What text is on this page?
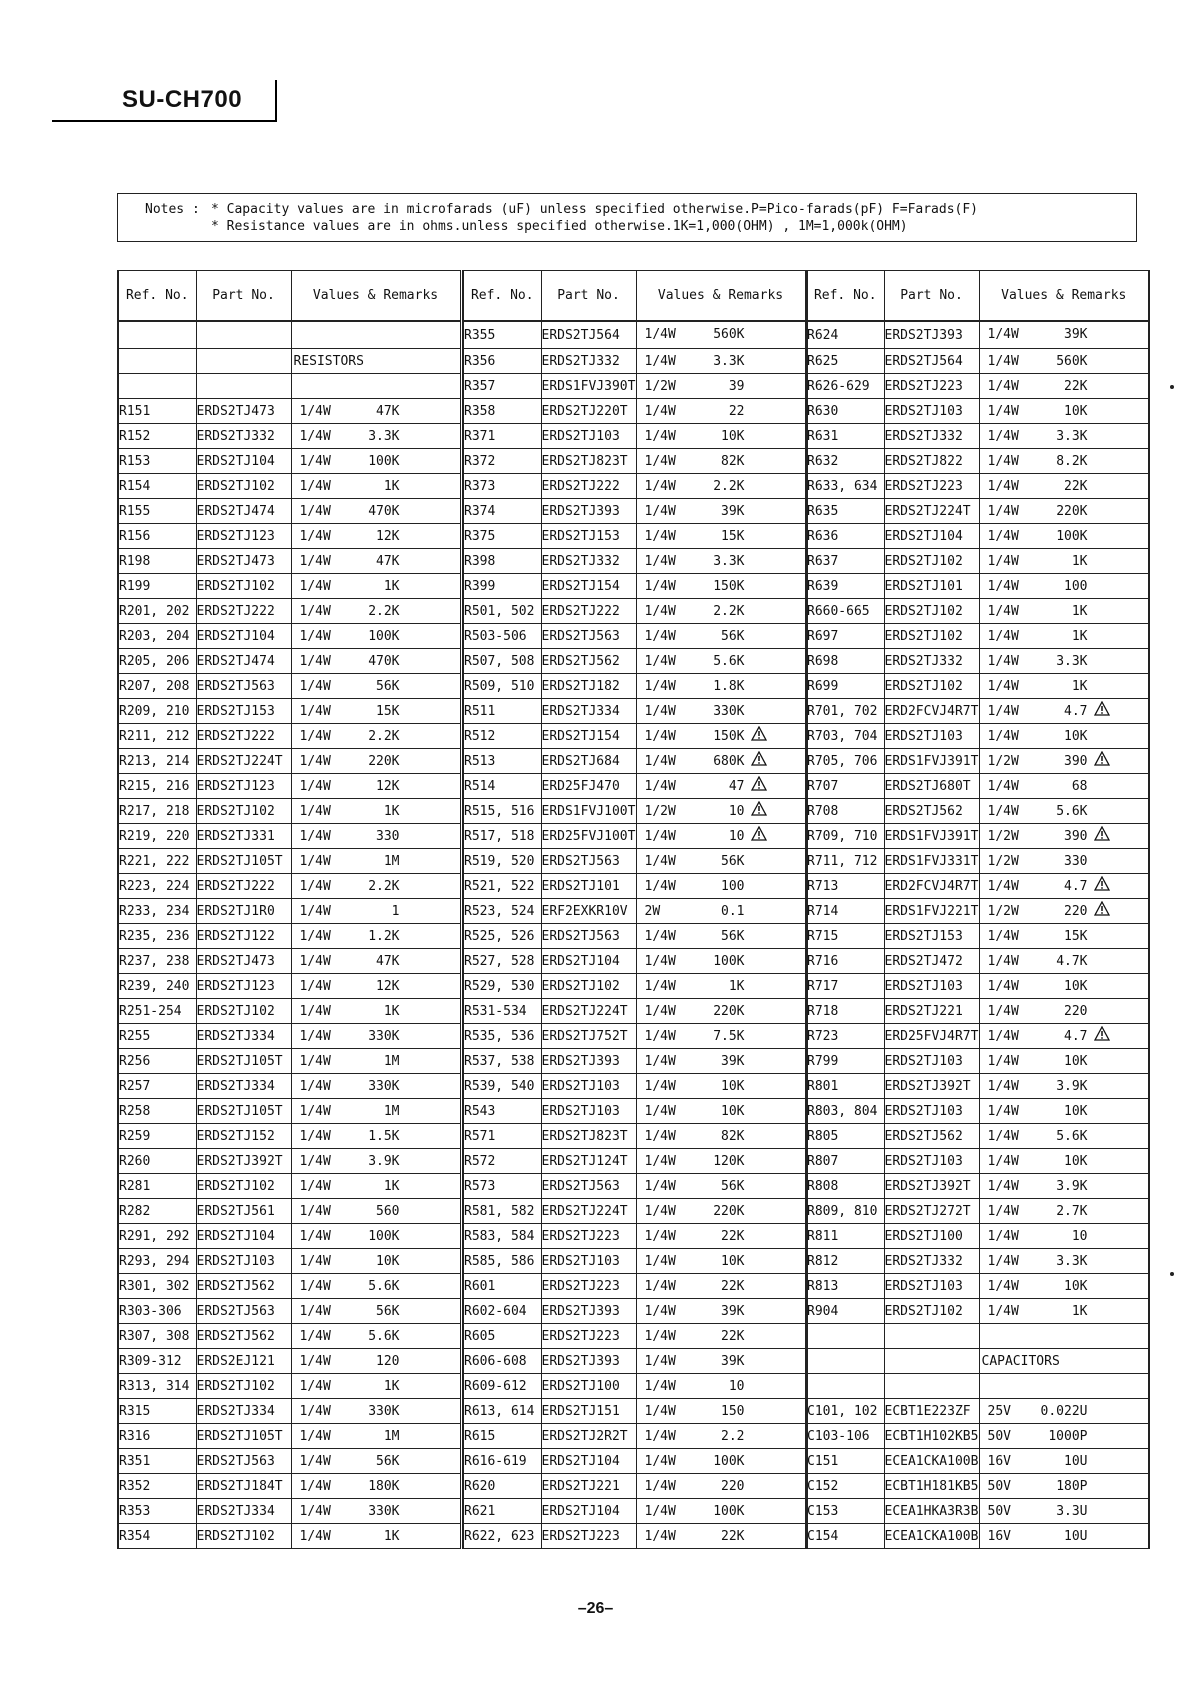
SU-CH700
Notes : * Capacity values are in microfarads (uF) unless specified otherwise.P=Pico-farads(pF) F=Farads(F)
* Resistance values are in ohms.unless specified otherwise.1K=1,000(OHM) , 1M=1,000k(OHM)
Ref. No.	Part No.	Values & Remarks

		RESISTORS

R151	ERDS2TJ473	1/4W 47K

R152	ERDS2TJ332	1/4W 3.3K

R153	ERDS2TJ104	1/4W 100K

R154	ERDS2TJ102	1/4W 1K

R155	ERDS2TJ474	1/4W 470K

R156	ERDS2TJ123	1/4W 12K

R198	ERDS2TJ473	1/4W 47K

R199	ERDS2TJ102	1/4W 1K

R201, 202	ERDS2TJ222	1/4W 2.2K

R203, 204	ERDS2TJ104	1/4W 100K

R205, 206	ERDS2TJ474	1/4W 470K

R207, 208	ERDS2TJ563	1/4W 56K

R209, 210	ERDS2TJ153	1/4W 15K

R211, 212	ERDS2TJ222	1/4W 2.2K

R213, 214	ERDS2TJ224T	1/4W 220K

R215, 216	ERDS2TJ123	1/4W 12K

R217, 218	ERDS2TJ102	1/4W 1K

R219, 220	ERDS2TJ331	1/4W 330

R221, 222	ERDS2TJ105T	1/4W 1M

R223, 224	ERDS2TJ222	1/4W 2.2K

R233, 234	ERDS2TJ1R0	1/4W 1

R235, 236	ERDS2TJ122	1/4W 1.2K

R237, 238	ERDS2TJ473	1/4W 47K

R239, 240	ERDS2TJ123	1/4W 12K

R251-254	ERDS2TJ102	1/4W 1K

R255	ERDS2TJ334	1/4W 330K

R256	ERDS2TJ105T	1/4W 1M

R257	ERDS2TJ334	1/4W 330K

R258	ERDS2TJ105T	1/4W 1M

R259	ERDS2TJ152	1/4W 1.5K

R260	ERDS2TJ392T	1/4W 3.9K

R281	ERDS2TJ102	1/4W 1K

R282	ERDS2TJ561	1/4W 560

R291, 292	ERDS2TJ104	1/4W 100K

R293, 294	ERDS2TJ103	1/4W 10K

R301, 302	ERDS2TJ562	1/4W 5.6K

R303-306	ERDS2TJ563	1/4W 56K

R307, 308	ERDS2TJ562	1/4W 5.6K

R309-312	ERDS2EJ121	1/4W 120

R313, 314	ERDS2TJ102	1/4W 1K

R315	ERDS2TJ334	1/4W 330K

R316	ERDS2TJ105T	1/4W 1M

R351	ERDS2TJ563	1/4W 56K

R352	ERDS2TJ184T	1/4W 180K

R353	ERDS2TJ334	1/4W 330K

R354	ERDS2TJ102	1/4W 1K
Ref. No.	Part No.	Values & Remarks
R355	ERDS2TJ564	1/4W 560K

R356	ERDS2TJ332	1/4W 3.3K

R357	ERDS1FVJ390T	1/2W 39

R358	ERDS2TJ220T	1/4W 22

R371	ERDS2TJ103	1/4W 10K

R372	ERDS2TJ823T	1/4W 82K

R373	ERDS2TJ222	1/4W 2.2K

R374	ERDS2TJ393	1/4W 39K

R375	ERDS2TJ153	1/4W 15K

R398	ERDS2TJ332	1/4W 3.3K

R399	ERDS2TJ154	1/4W 150K

R501, 502	ERDS2TJ222	1/4W 2.2K

R503-506	ERDS2TJ563	1/4W 56K

R507, 508	ERDS2TJ562	1/4W 5.6K

R509, 510	ERDS2TJ182	1/4W 1.8K

R511	ERDS2TJ334	1/4W 330K

R512	ERDS2TJ154	1/4W 150K

R513	ERDS2TJ684	1/4W 680K

R514	ERD25FJ470	1/4W 47

R515, 516	ERDS1FVJ100T	1/2W 10

R517, 518	ERD25FVJ100T	1/4W 10

R519, 520	ERDS2TJ563	1/4W 56K

R521, 522	ERDS2TJ101	1/4W 100

R523, 524	ERF2EXKR10V	2W 0.1

R525, 526	ERDS2TJ563	1/4W 56K

R527, 528	ERDS2TJ104	1/4W 100K

R529, 530	ERDS2TJ102	1/4W 1K

R531-534	ERDS2TJ224T	1/4W 220K

R535, 536	ERDS2TJ752T	1/4W 7.5K

R537, 538	ERDS2TJ393	1/4W 39K

R539, 540	ERDS2TJ103	1/4W 10K

R543	ERDS2TJ103	1/4W 10K

R571	ERDS2TJ823T	1/4W 82K

R572	ERDS2TJ124T	1/4W 120K

R573	ERDS2TJ563	1/4W 56K

R581, 582	ERDS2TJ224T	1/4W 220K

R583, 584	ERDS2TJ223	1/4W 22K

R585, 586	ERDS2TJ103	1/4W 10K

R601	ERDS2TJ223	1/4W 22K

R602-604	ERDS2TJ393	1/4W 39K

R605	ERDS2TJ223	1/4W 22K

R606-608	ERDS2TJ393	1/4W 39K

R609-612	ERDS2TJ100	1/4W 10

R613, 614	ERDS2TJ151	1/4W 150

R615	ERDS2TJ2R2T	1/4W 2.2

R616-619	ERDS2TJ104	1/4W 100K

R620	ERDS2TJ221	1/4W 220

R621	ERDS2TJ104	1/4W 100K

R622, 623	ERDS2TJ223	1/4W 22K
Ref. No.	Part No.	Values & Remarks
R624	ERDS2TJ393	1/4W 39K

R625	ERDS2TJ564	1/4W 560K

R626-629	ERDS2TJ223	1/4W 22K

R630	ERDS2TJ103	1/4W 10K

R631	ERDS2TJ332	1/4W 3.3K

R632	ERDS2TJ822	1/4W 8.2K

R633, 634	ERDS2TJ223	1/4W 22K

R635	ERDS2TJ224T	1/4W 220K

R636	ERDS2TJ104	1/4W 100K

R637	ERDS2TJ102	1/4W 1K

R639	ERDS2TJ101	1/4W 100

R660-665	ERDS2TJ102	1/4W 1K

R697	ERDS2TJ102	1/4W 1K

R698	ERDS2TJ332	1/4W 3.3K

R699	ERDS2TJ102	1/4W 1K

R701, 702	ERD2FCVJ4R7T	1/4W 4.7

R703, 704	ERDS2TJ103	1/4W 10K

R705, 706	ERDS1FVJ391T	1/2W 390

R707	ERDS2TJ680T	1/4W 68

R708	ERDS2TJ562	1/4W 5.6K

R709, 710	ERDS1FVJ391T	1/2W 390

R711, 712	ERDS1FVJ331T	1/2W 330

R713	ERD2FCVJ4R7T	1/4W 4.7

R714	ERDS1FVJ221T	1/2W 220

R715	ERDS2TJ153	1/4W 15K

R716	ERDS2TJ472	1/4W 4.7K

R717	ERDS2TJ103	1/4W 10K

R718	ERDS2TJ221	1/4W 220

R723	ERD25FVJ4R7T	1/4W 4.7

R799	ERDS2TJ103	1/4W 10K

R801	ERDS2TJ392T	1/4W 3.9K

R803, 804	ERDS2TJ103	1/4W 10K

R805	ERDS2TJ562	1/4W 5.6K

R807	ERDS2TJ103	1/4W 10K

R808	ERDS2TJ392T	1/4W 3.9K

R809, 810	ERDS2TJ272T	1/4W 2.7K

R811	ERDS2TJ100	1/4W 10

R812	ERDS2TJ332	1/4W 3.3K

R813	ERDS2TJ103	1/4W 10K

R904	ERDS2TJ102	1/4W 1K

		CAPACITORS

C101, 102	ECBT1E223ZF	25V 0.022U

C103-106	ECBT1H102KB5	50V 1000P

C151	ECEA1CKA100B	16V 10U

C152	ECBT1H181KB5	50V 180P

C153	ECEA1HKA3R3B	50V 3.3U

C154	ECEA1CKA100B	16V 10U
–26–
